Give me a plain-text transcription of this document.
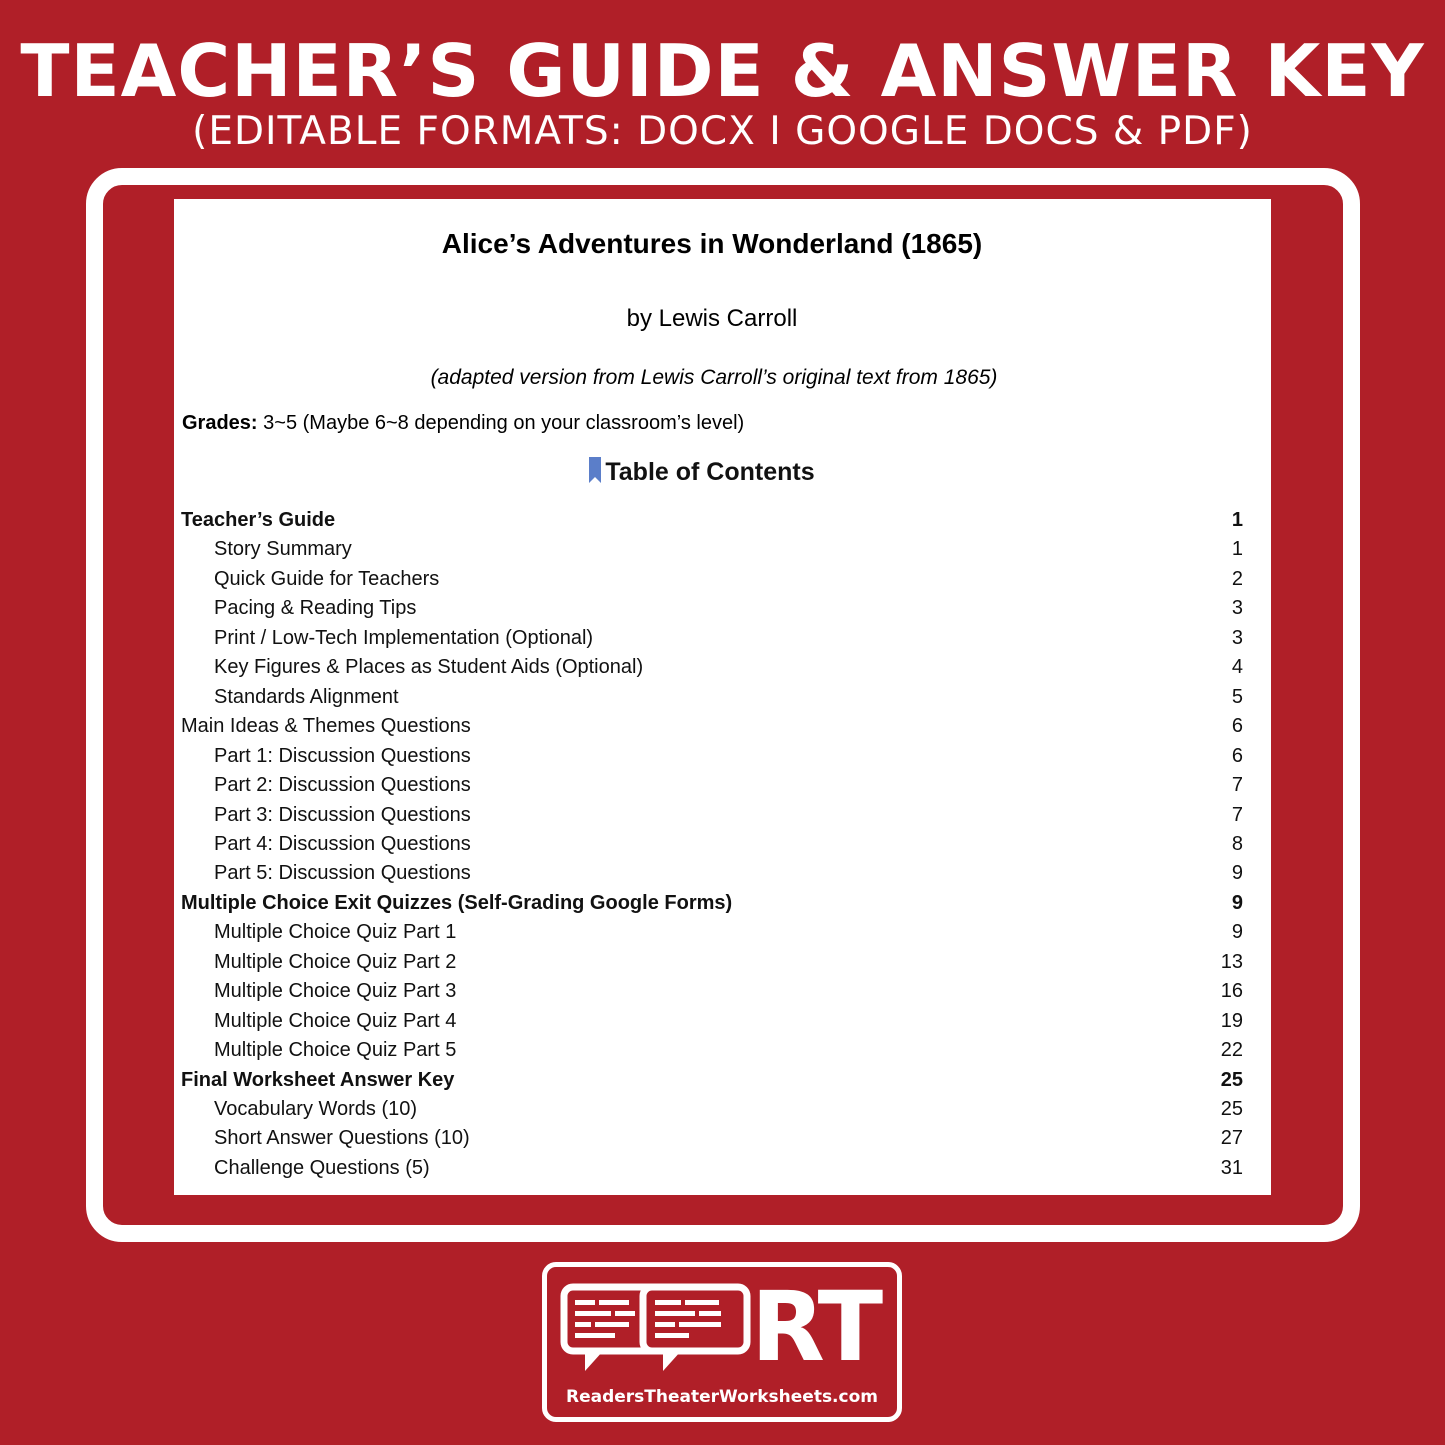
TEACHER’S GUIDE & ANSWER KEY
(EDITABLE FORMATS: DOCX I GOOGLE DOCS & PDF)
Alice’s Adventures in Wonderland (1865)
by Lewis Carroll
(adapted version from Lewis Carroll’s original text from 1865)
Grades: 3~5 (Maybe 6~8 depending on your classroom’s level)
Table of Contents
Teacher’s Guide	1
Story Summary	1
Quick Guide for Teachers	2
Pacing & Reading Tips	3
Print / Low-Tech Implementation (Optional)	3
Key Figures & Places as Student Aids (Optional)	4
Standards Alignment	5
Main Ideas & Themes Questions	6
Part 1: Discussion Questions	6
Part 2: Discussion Questions	7
Part 3: Discussion Questions	7
Part 4: Discussion Questions	8
Part 5: Discussion Questions	9
Multiple Choice Exit Quizzes (Self-Grading Google Forms)	9
Multiple Choice Quiz Part 1	9
Multiple Choice Quiz Part 2	13
Multiple Choice Quiz Part 3	16
Multiple Choice Quiz Part 4	19
Multiple Choice Quiz Part 5	22
Final Worksheet Answer Key	25
Vocabulary Words (10)	25
Short Answer Questions (10)	27
Challenge Questions (5)	31
RT
ReadersTheaterWorksheets.com
